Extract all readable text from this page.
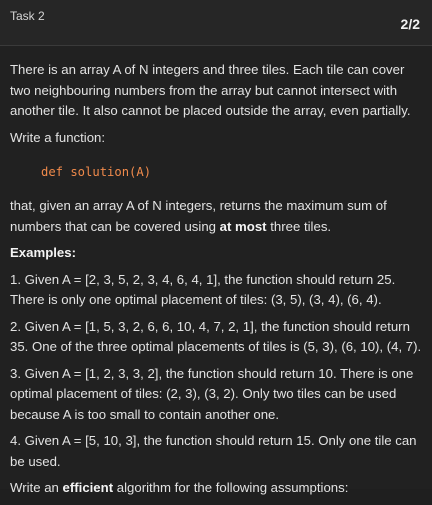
Task 2	2/2

There is an array A of N integers and three tiles. Each tile can cover two neighbouring numbers from the array but cannot intersect with another tile. It also cannot be placed outside the array, even partially.

Write a function:

def solution(A)

that, given an array A of N integers, returns the maximum sum of numbers that can be covered using at most three tiles.

Examples:

1. Given A = [2, 3, 5, 2, 3, 4, 6, 4, 1], the function should return 25. There is only one optimal placement of tiles: (3, 5), (3, 4), (6, 4).

2. Given A = [1, 5, 3, 2, 6, 6, 10, 4, 7, 2, 1], the function should return 35. One of the three optimal placements of tiles is (5, 3), (6, 10), (4, 7).

3. Given A = [1, 2, 3, 3, 2], the function should return 10. There is one optimal placement of tiles: (2, 3), (3, 2). Only two tiles can be used because A is too small to contain another one.

4. Given A = [5, 10, 3], the function should return 15. Only one tile can be used.

Write an efficient algorithm for the following assumptions:
